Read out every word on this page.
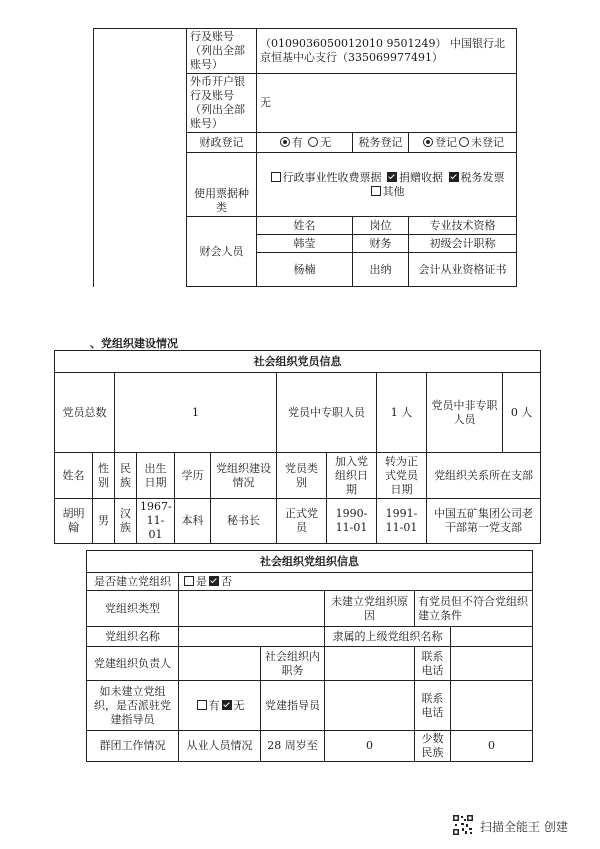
	行及账号（列出全部账号）	（0109036050012010 9501249） 中国银行北京恒基中心支行（335069977491）		
	外币开户银行及账号（列出全部账号）	无		
	财政登记	有 无	税务登记	登记 未登记
	使用票据种类	行政事业性收费票据 捐赠收据 税务发票 其他		
	财会人员	姓名	岗位	专业技术资格
		韩莹	财务	初级会计职称
		杨楠	出纳	会计从业资格证书
、党组织建设情况
社会组织党员信息										
党员总数		1				党员中专职人员		1 人	党员中非专职人员	0 人
姓名	性别	民族	出生日期	学历	党组织建设情况	党员类别	加入党组织日期	转为正式党员日期	党组织关系所在支部	
胡明翰	男	汉族	1967-11-01	本科	秘书长	正式党员	1990-11-01	1991-11-01	中国五矿集团公司老干部第一党支部	
社会组织党组织信息					
是否建立党组织	是 否				
党组织类型			未建立党组织原因	有党员但不符合党组织建立条件	
党组织名称			隶属的上级党组织名称		
党建组织负责人		社会组织内职务		联系电话	
如未建立党组织，是否派驻党建指导员	有 无	党建指导员		联系电话	
群团工作情况	从业人员情况	28 周岁至	0	少数民族	0
扫描全能王 创建
